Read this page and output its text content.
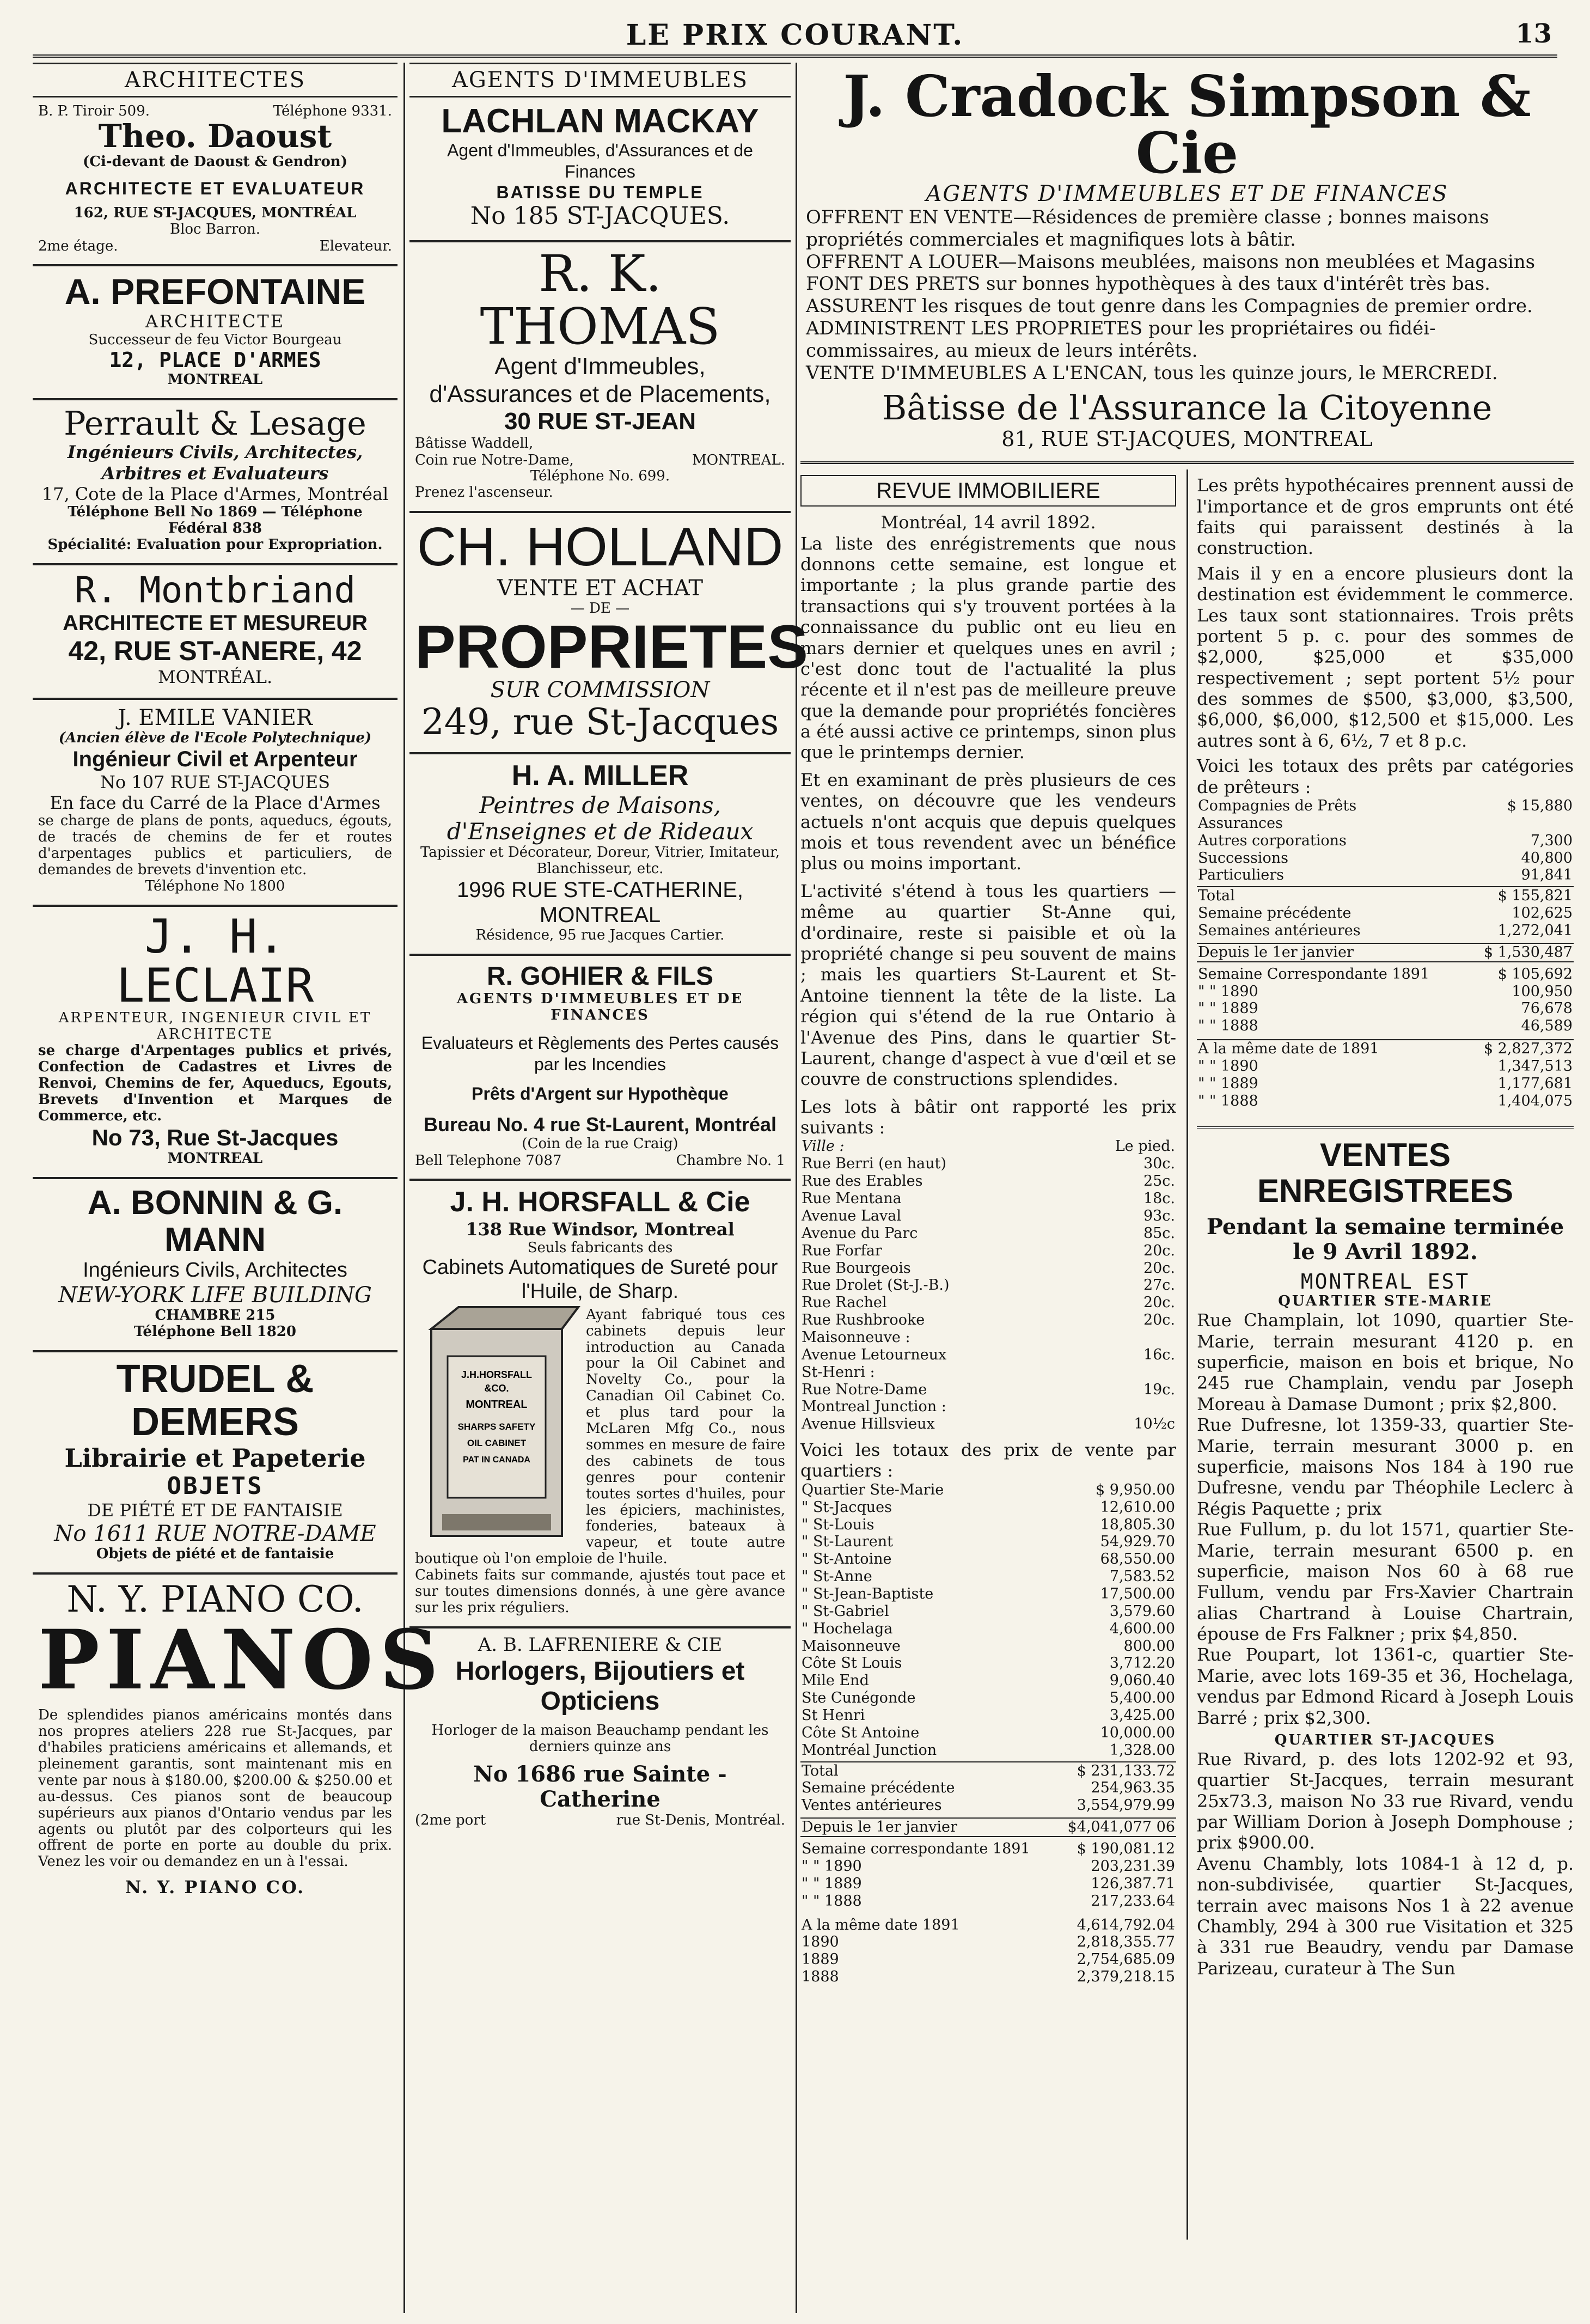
LE PRIX COURANT.	13
ARCHITECTES
B. P. Tiroir 509.	Téléphone 9331.
Theo. Daoust
(Ci-devant de Daoust & Gendron)
ARCHITECTE ET EVALUATEUR
162, RUE ST-JACQUES, MONTRÉAL
Bloc Barron.
2me étage.	Elevateur.
A. PREFONTAINE
ARCHITECTE
Successeur de feu Victor Bourgeau
12, PLACE D'ARMES
MONTREAL
Perrault & Lesage
Ingénieurs Civils, Architectes, Arbitres et Evaluateurs
17, Cote de la Place d'Armes, Montréal
Téléphone Bell No 1869 — Téléphone Fédéral 838
Spécialité: Evaluation pour Expropriation.
R. Montbriand
ARCHITECTE ET MESUREUR
42, RUE ST-ANERE, 42
MONTRÉAL.
J. EMILE VANIER
(Ancien élève de l'Ecole Polytechnique)
Ingénieur Civil et Arpenteur
No 107 RUE ST-JACQUES
En face du Carré de la Place d'Armes
se charge de plans de ponts, aqueducs, égouts, de tracés de chemins de fer et routes d'arpentages publics et particuliers, de demandes de brevets d'invention etc.
Téléphone No 1800
J. H. LECLAIR
ARPENTEUR, INGENIEUR CIVIL ET
ARCHITECTE
se charge d'Arpentages publics et privés, Confection de Cadastres et Livres de Renvoi, Chemins de fer, Aqueducs, Egouts, Brevets d'Invention et Marques de Commerce, etc.
No 73, Rue St-Jacques
MONTREAL
A. BONNIN & G. MANN
Ingénieurs Civils, Architectes
NEW-YORK LIFE BUILDING
CHAMBRE 215
Téléphone Bell 1820
TRUDEL & DEMERS
Librairie et Papeterie
OBJETS
DE PIÉTÉ ET DE FANTAISIE
No 1611 RUE NOTRE-DAME
Objets de piété et de fantaisie
N. Y. PIANO CO.
PIANOS
De splendides pianos américains montés dans nos propres ateliers 228 rue St-Jacques, par d'habiles praticiens américains et allemands, et pleinement garantis, sont maintenant mis en vente par nous à $180.00, $200.00 & $250.00 et au-dessus. Ces pianos sont de beaucoup supérieurs aux pianos d'Ontario vendus par les agents ou plutôt par des colporteurs qui les offrent de porte en porte au double du prix. Venez les voir ou demandez en un à l'essai.
N. Y. PIANO CO.
AGENTS D'IMMEUBLES
LACHLAN MACKAY
Agent d'Immeubles, d'Assurances et de Finances
BATISSE DU TEMPLE
No 185 ST-JACQUES.
R. K. THOMAS
Agent d'Immeubles,
d'Assurances et de Placements,
30 RUE ST-JEAN
Bâtisse Waddell,
Coin rue Notre-Dame,	MONTREAL.
Téléphone No. 699.
Prenez l'ascenseur.
CH. HOLLAND
VENTE ET ACHAT
— DE —
PROPRIETES
SUR COMMISSION
249, rue St-Jacques
H. A. MILLER
Peintres de Maisons, d'Enseignes et de Rideaux
Tapissier et Décorateur, Doreur, Vitrier, Imitateur, Blanchisseur, etc.
1996 RUE STE-CATHERINE, MONTREAL
Résidence, 95 rue Jacques Cartier.
R. GOHIER & FILS
AGENTS D'IMMEUBLES ET DE FINANCES
Evaluateurs et Règlements des Pertes causés par les Incendies
Prêts d'Argent sur Hypothèque
Bureau No. 4 rue St-Laurent, Montréal
(Coin de la rue Craig)
Bell Telephone 7087	Chambre No. 1
J. H. HORSFALL & Cie
138 Rue Windsor, Montreal
Seuls fabricants des
Cabinets Automatiques de Sureté pour l'Huile, de Sharp.
J.H.HORSFALL
&CO.
MONTREAL
SHARPS SAFETY
OIL CABINET
PAT IN CANADA
Ayant fabriqué tous ces cabinets depuis leur introduction au Canada pour la Oil Cabinet and Novelty Co., pour la Canadian Oil Cabinet Co. et plus tard pour la McLaren Mfg Co., nous sommes en mesure de faire des cabinets de tous genres pour contenir toutes sortes d'huiles, pour les épiciers, machinistes, fonderies, bateaux à vapeur, et toute autre boutique où l'on emploie de l'huile.
Cabinets faits sur commande, ajustés tout pace et sur toutes dimensions donnés, à une gère avance sur les prix réguliers.
A. B. LAFRENIERE & CIE
Horlogers, Bijoutiers et Opticiens
Horloger de la maison Beauchamp pendant les derniers quinze ans
No 1686 rue Sainte - Catherine
(2me port	rue St-Denis, Montréal.
J. Cradock Simpson & Cie
AGENTS D'IMMEUBLES ET DE FINANCES
OFFRENT EN VENTE—Résidences de première classe ; bonnes maisons propriétés commerciales et magnifiques lots à bâtir.
OFFRENT A LOUER—Maisons meublées, maisons non meublées et Magasins
FONT DES PRETS sur bonnes hypothèques à des taux d'intérêt très bas.
ASSURENT les risques de tout genre dans les Compagnies de premier ordre.
ADMINISTRENT LES PROPRIETES pour les propriétaires ou fidéi-commissaires, au mieux de leurs intérêts.
VENTE D'IMMEUBLES A L'ENCAN, tous les quinze jours, le MERCREDI.
Bâtisse de l'Assurance la Citoyenne
81, RUE ST-JACQUES, MONTREAL
REVUE IMMOBILIERE
Montréal, 14 avril 1892.

La liste des enrégistrements que nous donnons cette semaine, est longue et importante ; la plus grande partie des transactions qui s'y trouvent portées à la connaissance du public ont eu lieu en mars dernier et quelques unes en avril ; c'est donc tout de l'actualité la plus récente et il n'est pas de meilleure preuve que la demande pour propriétés foncières a été aussi active ce printemps, sinon plus que le printemps dernier.

Et en examinant de près plusieurs de ces ventes, on découvre que les vendeurs actuels n'ont acquis que depuis quelques mois et tous revendent avec un bénéfice plus ou moins important.

L'activité s'étend à tous les quartiers —même au quartier St-Anne qui, d'ordinaire, reste si paisible et où la propriété change si peu souvent de mains ; mais les quartiers St-Laurent et St-Antoine tiennent la tête de la liste. La région qui s'étend de la rue Ontario à l'Avenue des Pins, dans le quartier St-Laurent, change d'aspect à vue d'œil et se couvre de constructions splendides.

Les lots à bâtir ont rapporté les prix suivants :

Ville :	Le pied.
Rue Berri (en haut)	30c.
Rue des Erables	25c.
Rue Mentana	18c.
Avenue Laval	93c.
Avenue du Parc	85c.
Rue Forfar	20c.
Rue Bourgeois	20c.
Rue Drolet (St-J.-B.)	27c.
Rue Rachel	20c.
Rue Rushbrooke	20c.
Maisonneuve :	
Avenue Letourneux	16c.
St-Henri :	
Rue Notre-Dame	19c.
Montreal Junction :	
Avenue Hillsvieux	10½c

Voici les totaux des prix de vente par quartiers :

Quartier Ste-Marie	$ 9,950.00
" St-Jacques	12,610.00
" St-Louis	18,805.30
" St-Laurent	54,929.70
" St-Antoine	68,550.00
" St-Anne	7,583.52
" St-Jean-Baptiste	17,500.00
" St-Gabriel	3,579.60
" Hochelaga	4,600.00
Maisonneuve	800.00
Côte St Louis	3,712.20
Mile End	9,060.40
Ste Cunégonde	5,400.00
St Henri	3,425.00
Côte St Antoine	10,000.00
Montréal Junction	1,328.00
Total	$ 231,133.72
Semaine précédente	254,963.35
Ventes antérieures	3,554,979.99
Depuis le 1er janvier	$4,041,077 06
Semaine correspondante 1891	$ 190,081.12
" " 1890	203,231.39
" " 1889	126,387.71
" " 1888	217,233.64
A la même date 1891	4,614,792.04
1890	2,818,355.77
1889	2,754,685.09
1888	2,379,218.15

Les prêts hypothécaires prennent aussi de l'importance et de gros emprunts ont été faits qui paraissent destinés à la construction.

Mais il y en a encore plusieurs dont la destination est évidemment le commerce. Les taux sont stationnaires. Trois prêts portent 5 p. c. pour des sommes de $2,000, $25,000 et $35,000 respectivement ; sept portent 5½ pour des sommes de $500, $3,000, $3,500, $6,000, $6,000, $12,500 et $15,000. Les autres sont à 6, 6½, 7 et 8 p.c.

Voici les totaux des prêts par catégories de prêteurs :

Compagnies de Prêts	$ 15,880
Assurances	
Autres corporations	7,300
Successions	40,800
Particuliers	91,841
Total	$ 155,821
Semaine précédente	102,625
Semaines antérieures	1,272,041
Depuis le 1er janvier	$ 1,530,487
Semaine Correspondante 1891	$ 105,692
" " 1890	100,950
" " 1889	76,678
" " 1888	46,589
A la même date de 1891	$ 2,827,372
" " 1890	1,347,513
" " 1889	1,177,681
" " 1888	1,404,075
VENTES ENREGISTREES
Pendant la semaine terminée le 9 Avril 1892.
MONTREAL EST
QUARTIER STE-MARIE

Rue Champlain, lot 1090, quartier Ste-Marie, terrain mesurant 4120 p. en superficie, maison en bois et brique, No 245 rue Champlain, vendu par Joseph Moreau à Damase Dumont ; prix $2,800.

Rue Dufresne, lot 1359-33, quartier Ste-Marie, terrain mesurant 3000 p. en superficie, maisons Nos 184 à 190 rue Dufresne, vendu par Théophile Leclerc à Régis Paquette ; prix

Rue Fullum, p. du lot 1571, quartier Ste-Marie, terrain mesurant 6500 p. en superficie, maison Nos 60 à 68 rue Fullum, vendu par Frs-Xavier Chartrain alias Chartrand à Louise Chartrain, épouse de Frs Falkner ; prix $4,850.

Rue Poupart, lot 1361-c, quartier Ste-Marie, avec lots 169-35 et 36, Hochelaga, vendus par Edmond Ricard à Joseph Louis Barré ; prix $2,300.

QUARTIER ST-JACQUES

Rue Rivard, p. des lots 1202-92 et 93, quartier St-Jacques, terrain mesurant 25x73.3, maison No 33 rue Rivard, vendu par William Dorion à Joseph Domphouse ; prix $900.00.

Avenu Chambly, lots 1084-1 à 12 d, p. non-subdivisée, quartier St-Jacques, terrain avec maisons Nos 1 à 22 avenue Chambly, 294 à 300 rue Visitation et 325 à 331 rue Beaudry, vendu par Damase Parizeau, curateur à The Sun
